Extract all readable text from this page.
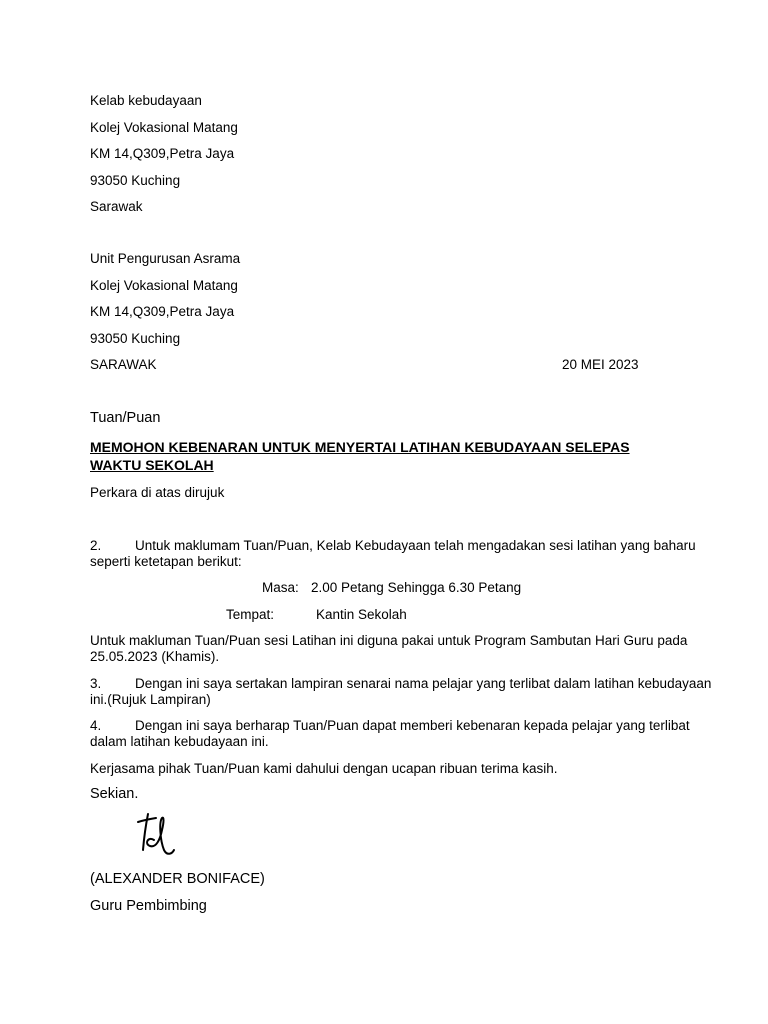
Kelab kebudayaan
Kolej Vokasional Matang
KM 14,Q309,Petra Jaya
93050 Kuching
Sarawak
Unit Pengurusan Asrama
Kolej Vokasional Matang
KM 14,Q309,Petra Jaya
93050 Kuching
SARAWAK	20 MEI 2023
Tuan/Puan
MEMOHON KEBENARAN UNTUK MENYERTAI LATIHAN KEBUDAYAAN SELEPAS WAKTU SEKOLAH
Perkara di atas dirujuk
2. Untuk maklumam Tuan/Puan, Kelab Kebudayaan telah mengadakan sesi latihan yang baharu
seperti ketetapan berikut:
Masa: 2.00 Petang Sehingga 6.30 Petang
Tempat:	Kantin Sekolah
Untuk makluman Tuan/Puan sesi Latihan ini diguna pakai untuk Program Sambutan Hari Guru pada
25.05.2023 (Khamis).
3. Dengan ini saya sertakan lampiran senarai nama pelajar yang terlibat dalam latihan kebudayaan
ini.(Rujuk Lampiran)
4. Dengan ini saya berharap Tuan/Puan dapat memberi kebenaran kepada pelajar yang terlibat
dalam latihan kebudayaan ini.
Kerjasama pihak Tuan/Puan kami dahului dengan ucapan ribuan terima kasih.
Sekian.
(ALEXANDER BONIFACE)
Guru Pembimbing
